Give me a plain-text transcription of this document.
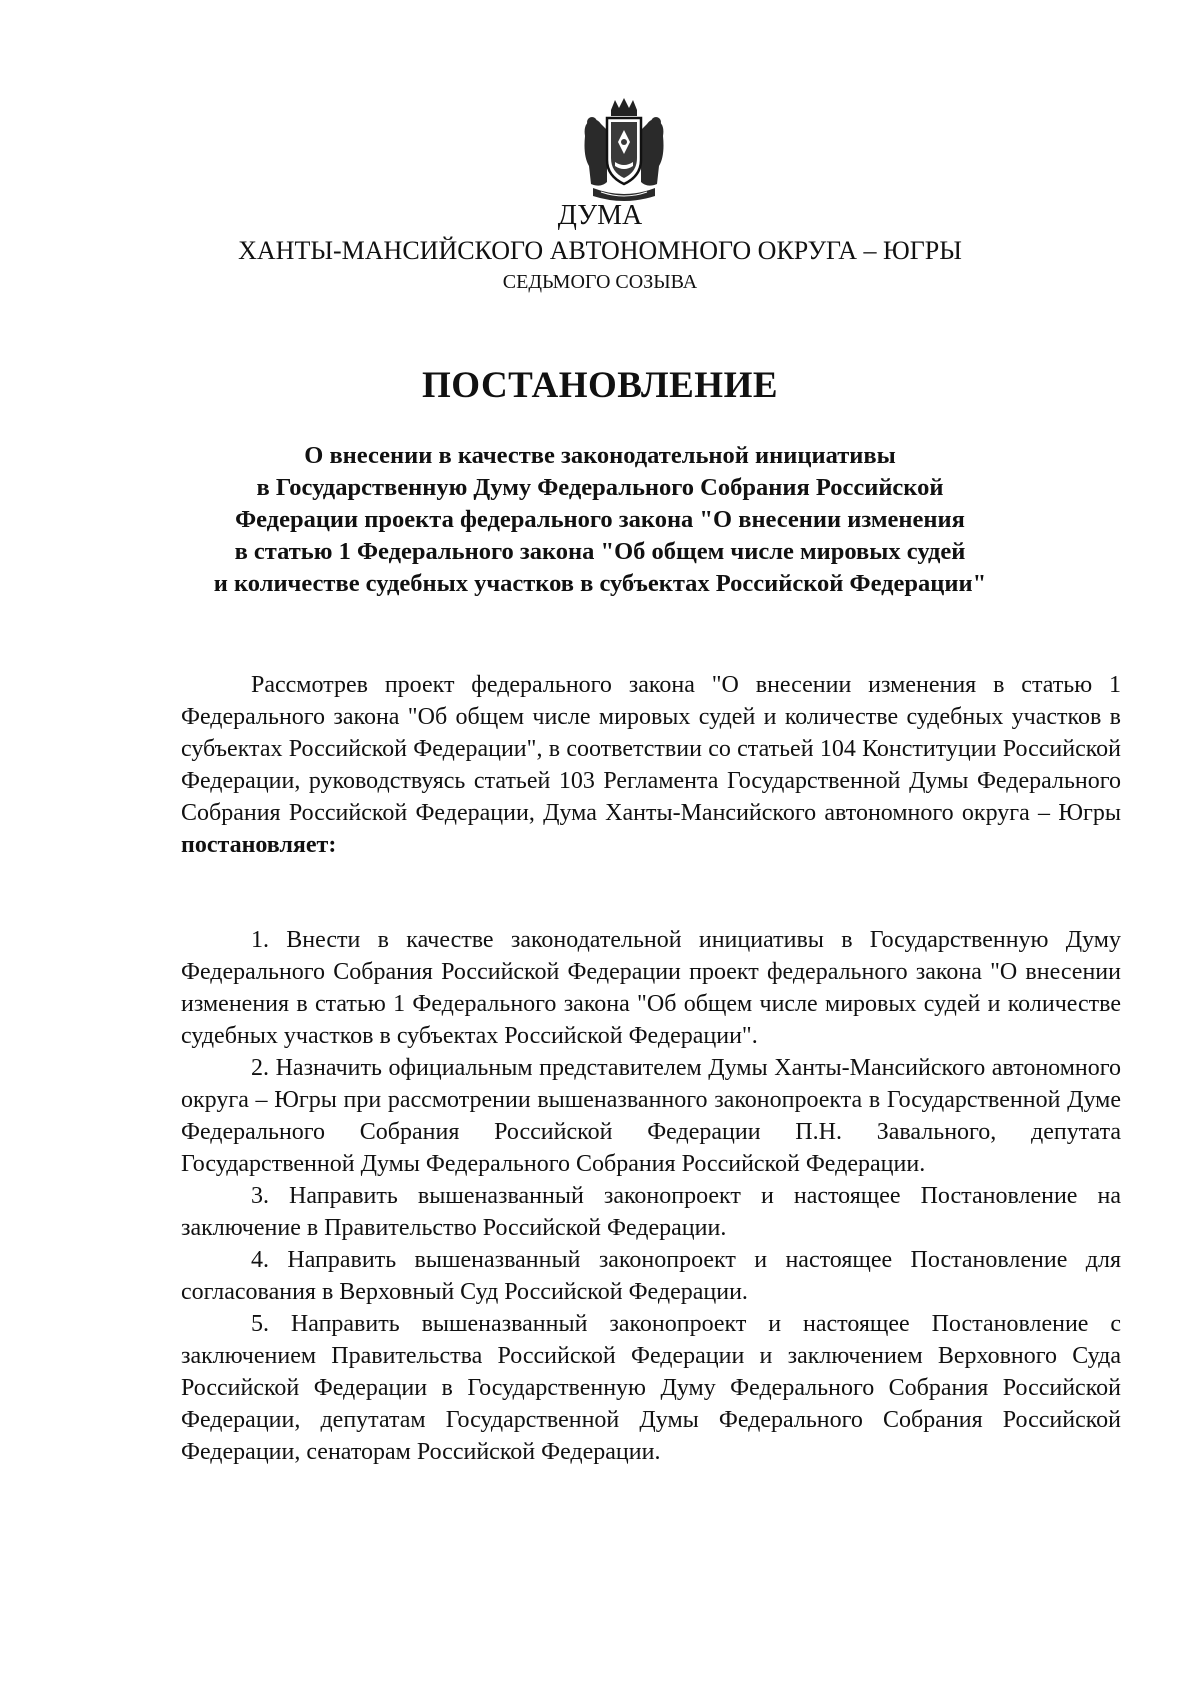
ДУМА
ХАНТЫ-МАНСИЙСКОГО АВТОНОМНОГО ОКРУГА – ЮГРЫ
СЕДЬМОГО СОЗЫВА
ПОСТАНОВЛЕНИЕ
О внесении в качестве законодательной инициативы
в Государственную Думу Федерального Собрания Российской
Федерации проекта федерального закона "О внесении изменения
в статью 1 Федерального закона "Об общем числе мировых судей
и количестве судебных участков в субъектах Российской Федерации"

Рассмотрев проект федерального закона "О внесении изменения в статью 1 Федерального закона "Об общем числе мировых судей и количестве судебных участков в субъектах Российской Федерации", в соответствии со статьей 104 Конституции Российской Федерации, руководствуясь статьей 103 Регламента Государственной Думы Федерального Собрания Российской Федерации, Дума Ханты-Мансийского автономного округа – Югры постановляет:

1. Внести в качестве законодательной инициативы в Государственную Думу Федерального Собрания Российской Федерации проект федерального закона "О внесении изменения в статью 1 Федерального закона "Об общем числе мировых судей и количестве судебных участков в субъектах Российской Федерации".

2. Назначить официальным представителем Думы Ханты-Мансийского автономного округа – Югры при рассмотрении вышеназванного законопроекта в Государственной Думе Федерального Собрания Российской Федерации П.Н. Завального, депутата Государственной Думы Федерального Собрания Российской Федерации.

3. Направить вышеназванный законопроект и настоящее Постановление на заключение в Правительство Российской Федерации.

4. Направить вышеназванный законопроект и настоящее Постановление для согласования в Верховный Суд Российской Федерации.

5. Направить вышеназванный законопроект и настоящее Постановление с заключением Правительства Российской Федерации и заключением Верховного Суда Российской Федерации в Государственную Думу Федерального Собрания Российской Федерации, депутатам Государственной Думы Федерального Собрания Российской Федерации, сенаторам Российской Федерации.
